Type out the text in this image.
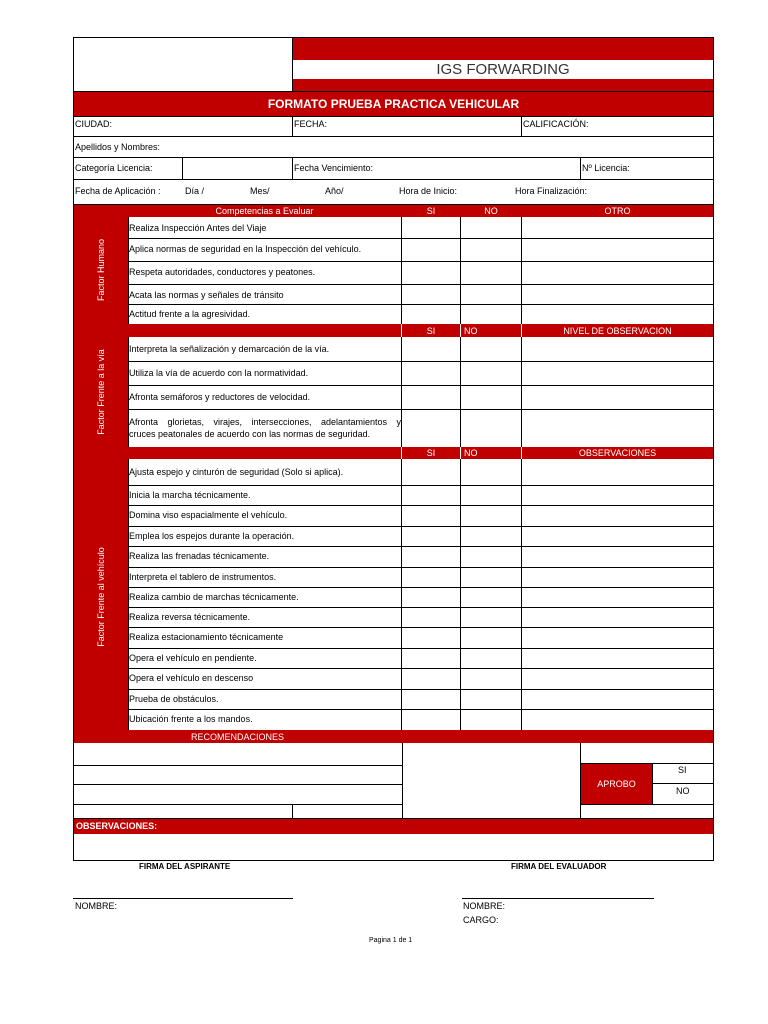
IGS FORWARDING
FORMATO PRUEBA PRACTICA VEHICULAR
CIUDAD:	FECHA:	CALIFICACIÓN:
Apellidos y Nombres:
Categoría Licencia:	Fecha Vencimiento:	Nº Licencia:
Fecha de Aplicación :	Día /	Mes/	Año/	Hora de Inicio:	Hora Finalización:
Competencias a Evaluar	SI	NO	OTRO
Factor Humano
Realiza Inspección Antes del Viaje
Aplica normas de seguridad en la Inspección del vehículo.
Respeta autoridades, conductores y peatones.
Acata las normas y señales de tránsito
Actitud frente a la agresividad.
SI	NO	NIVEL DE OBSERVACION
Factor Frente a la vía
Interpreta la señalización y demarcación de la vía.
Utiliza la vía de acuerdo con la normatividad.
Afronta semáforos y reductores de velocidad.
Afronta glorietas, virajes, intersecciones, adelantamientos y
cruces peatonales de acuerdo con las normas de seguridad.
SI	NO	OBSERVACIONES
Factor Frente al vehículo
Ajusta espejo y cinturón de seguridad (Solo si aplica).
Inicia la marcha técnicamente.
Domina viso espacialmente el vehículo.
Emplea los espejos durante la operación.
Realiza las frenadas técnicamente.
Interpreta el tablero de instrumentos.
Realiza cambio de marchas técnicamente.
Realiza reversa técnicamente.
Realiza estacionamiento técnicamente
Opera el vehículo en pendiente.
Opera el vehículo en descenso
Prueba de obstáculos.
Ubicación frente a los mandos.
RECOMENDACIONES
APROBO
SI
NO
OBSERVACIONES:
FIRMA DEL ASPIRANTE	FIRMA DEL EVALUADOR
NOMBRE:	NOMBRE:
CARGO:
Pagina 1 de 1
